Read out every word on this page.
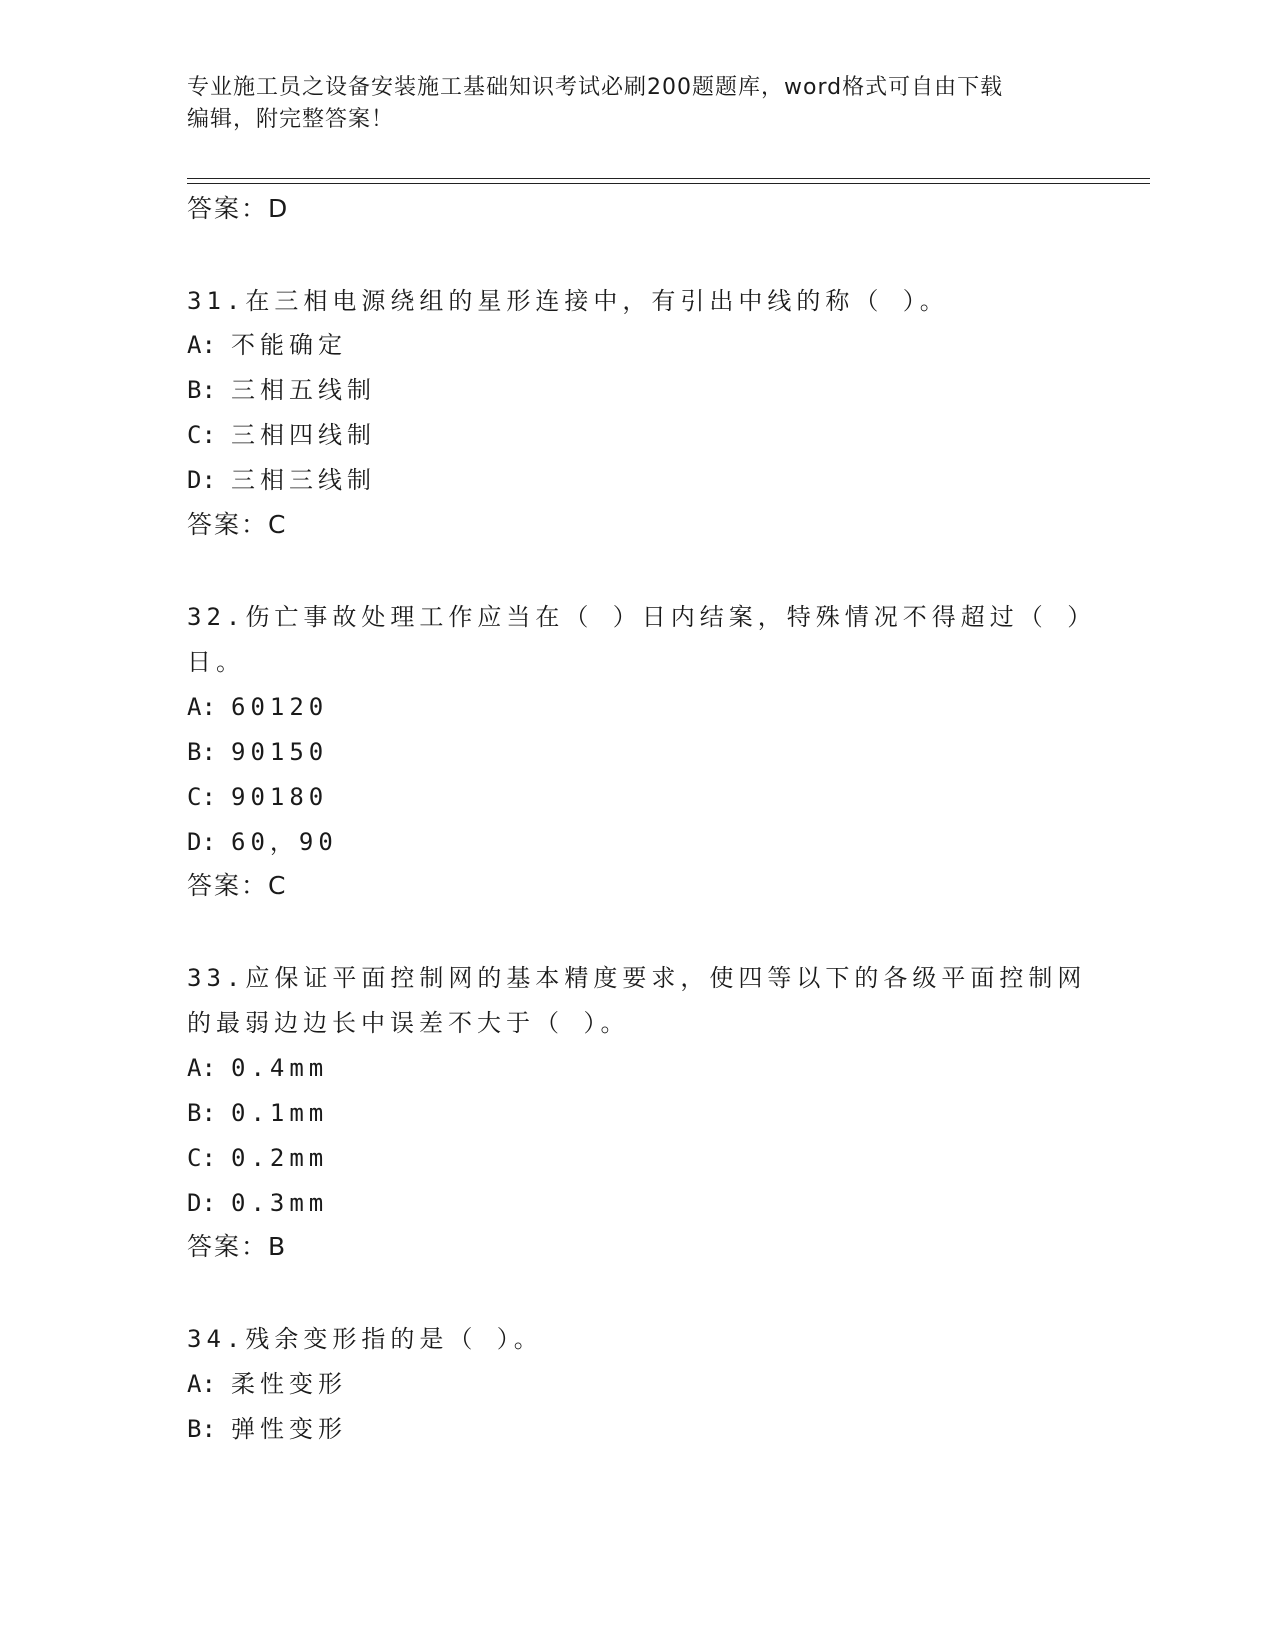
专业施工员之设备安装施工基础知识考试必刷200题题库，word格式可自由下载
编辑，附完整答案！
答案：D
31.在三相电源绕组的星形连接中，有引出中线的称（ ）。
A: 不能确定
B: 三相五线制
C: 三相四线制
D: 三相三线制
答案：C
32.伤亡事故处理工作应当在（ ）日内结案，特殊情况不得超过（ ）
日。
A: 60120
B: 90150
C: 90180
D: 60，90
答案：C
33.应保证平面控制网的基本精度要求，使四等以下的各级平面控制网
的最弱边边长中误差不大于（ ）。
A: 0.4mm
B: 0.1mm
C: 0.2mm
D: 0.3mm
答案：B
34.残余变形指的是（ ）。
A: 柔性变形
B: 弹性变形
